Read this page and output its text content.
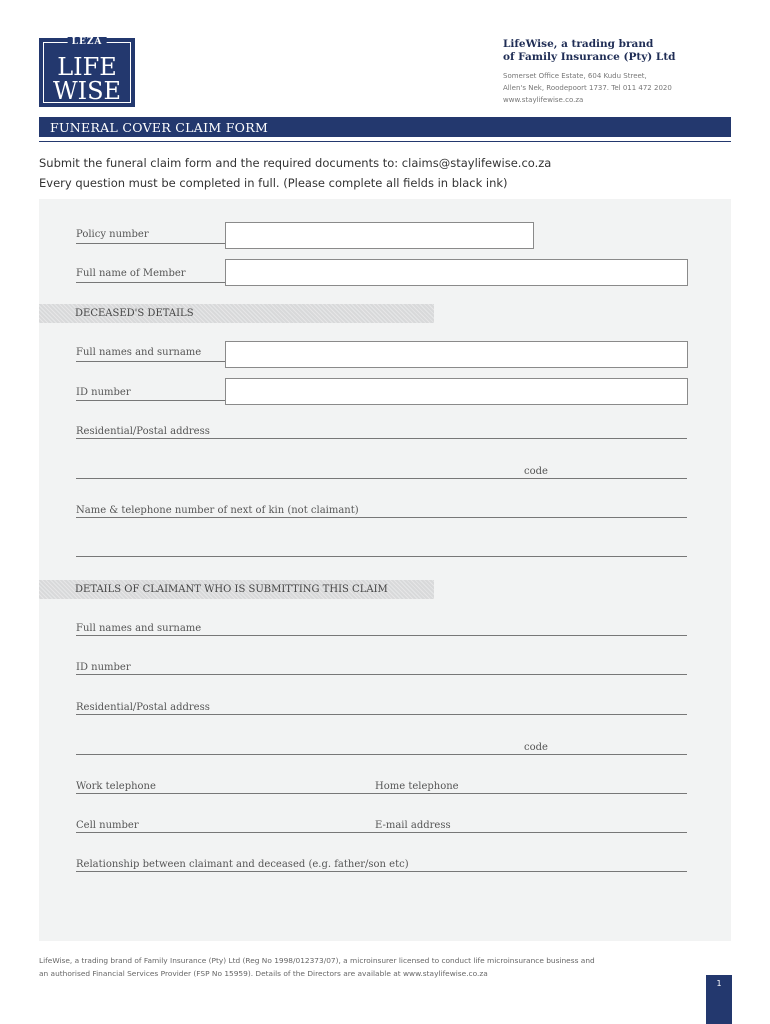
LEZA
LIFE
WISE
LifeWise, a trading brand
of Family Insurance (Pty) Ltd
Somerset Office Estate, 604 Kudu Street,
Allen's Nek, Roodepoort 1737. Tel 011 472 2020
www.staylifewise.co.za
FUNERAL COVER CLAIM FORM
Submit the funeral claim form and the required documents to: claims@staylifewise.co.za
Every question must be completed in full. (Please complete all fields in black ink)
Policy number
Full name of Member
DECEASED'S DETAILS
Full names and surname
ID number
Residential/Postal address
code
Name & telephone number of next of kin (not claimant)
DETAILS OF CLAIMANT WHO IS SUBMITTING THIS CLAIM
Full names and surname
ID number
Residential/Postal address
code
Work telephone	Home telephone
Cell number	E-mail address
Relationship between claimant and deceased (e.g. father/son etc)
LifeWise, a trading brand of Family Insurance (Pty) Ltd (Reg No 1998/012373/07), a microinsurer licensed to conduct life microinsurance business and
an authorised Financial Services Provider (FSP No 15959). Details of the Directors are available at www.staylifewise.co.za
1
